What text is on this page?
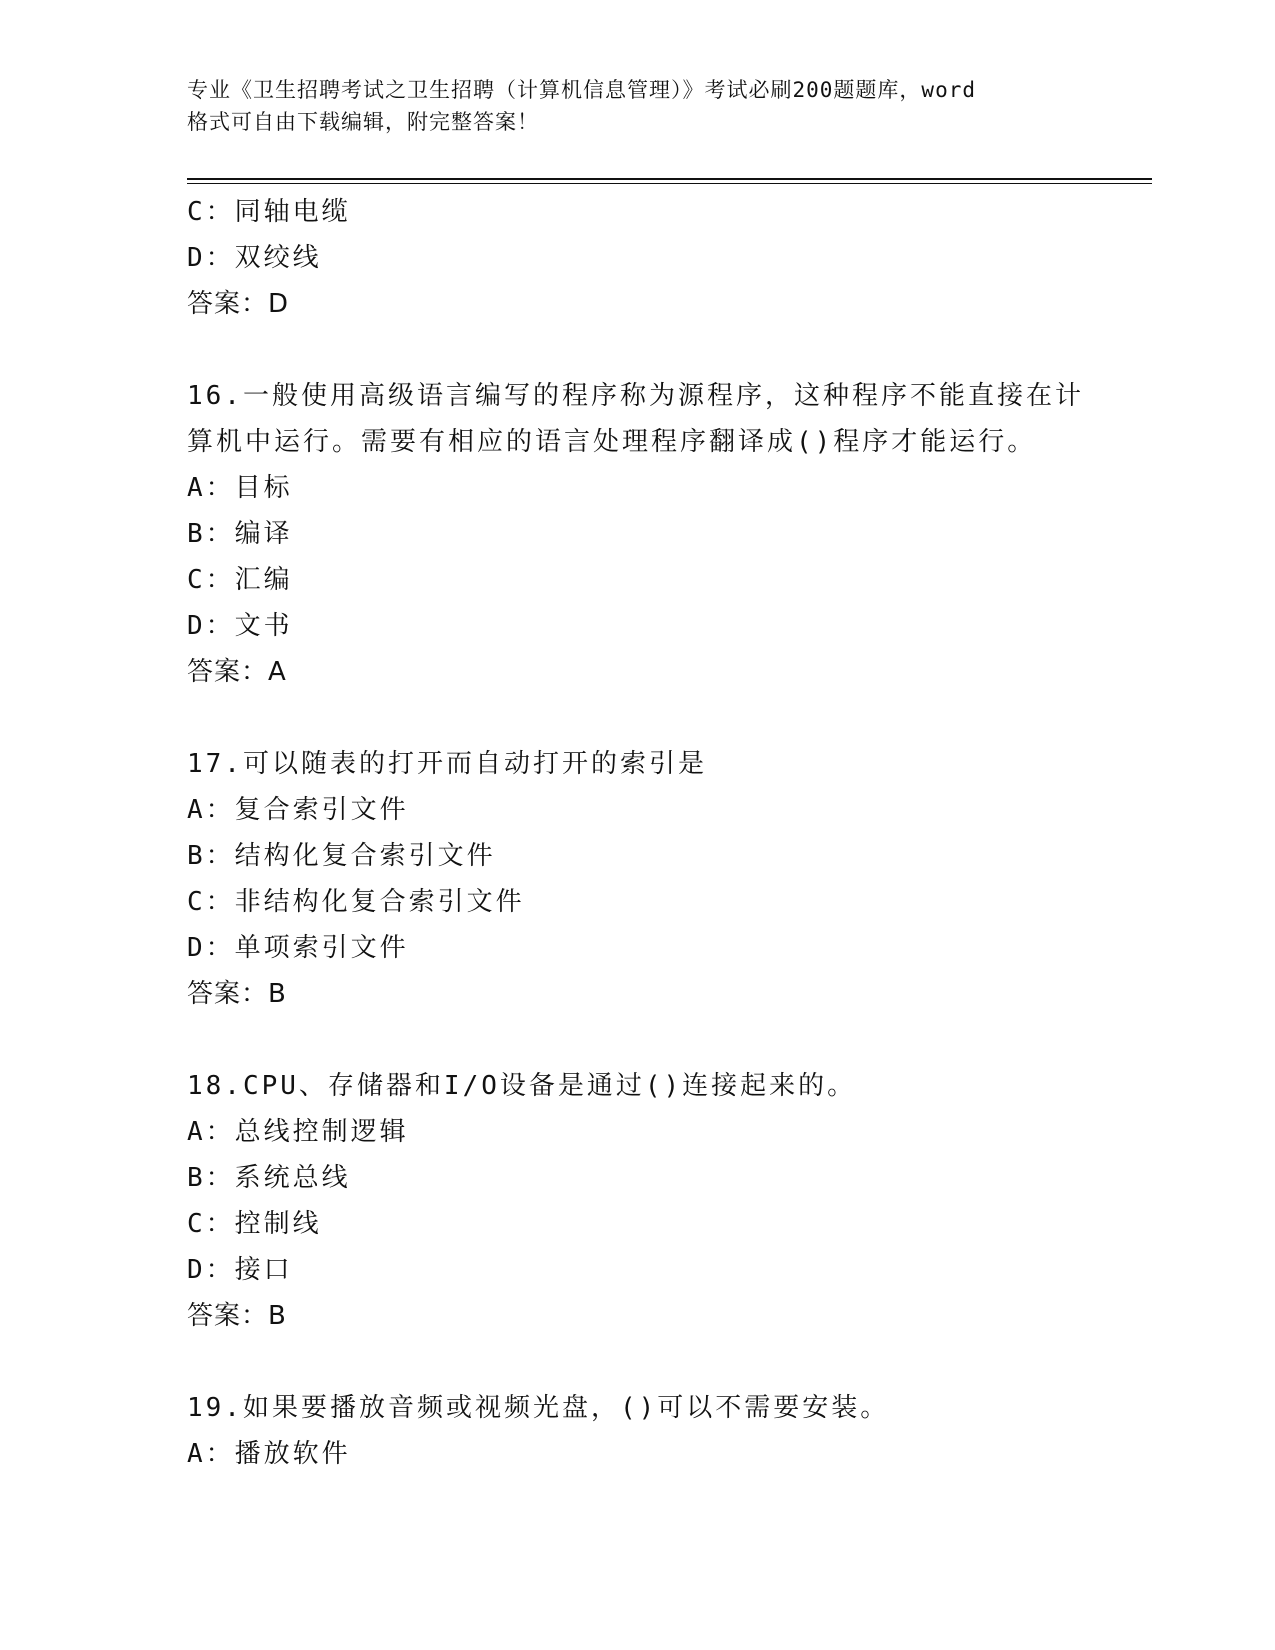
专业《卫生招聘考试之卫生招聘（计算机信息管理）》考试必刷200题题库，word
格式可自由下载编辑，附完整答案！
C：同轴电缆
D：双绞线
答案：D
16.一般使用高级语言编写的程序称为源程序，这种程序不能直接在计
算机中运行。需要有相应的语言处理程序翻译成()程序才能运行。
A：目标
B：编译
C：汇编
D：文书
答案：A
17.可以随表的打开而自动打开的索引是
A：复合索引文件
B：结构化复合索引文件
C：非结构化复合索引文件
D：单项索引文件
答案：B
18.CPU、存储器和I/O设备是通过()连接起来的。
A：总线控制逻辑
B：系统总线
C：控制线
D：接口
答案：B
19.如果要播放音频或视频光盘，()可以不需要安装。
A：播放软件
